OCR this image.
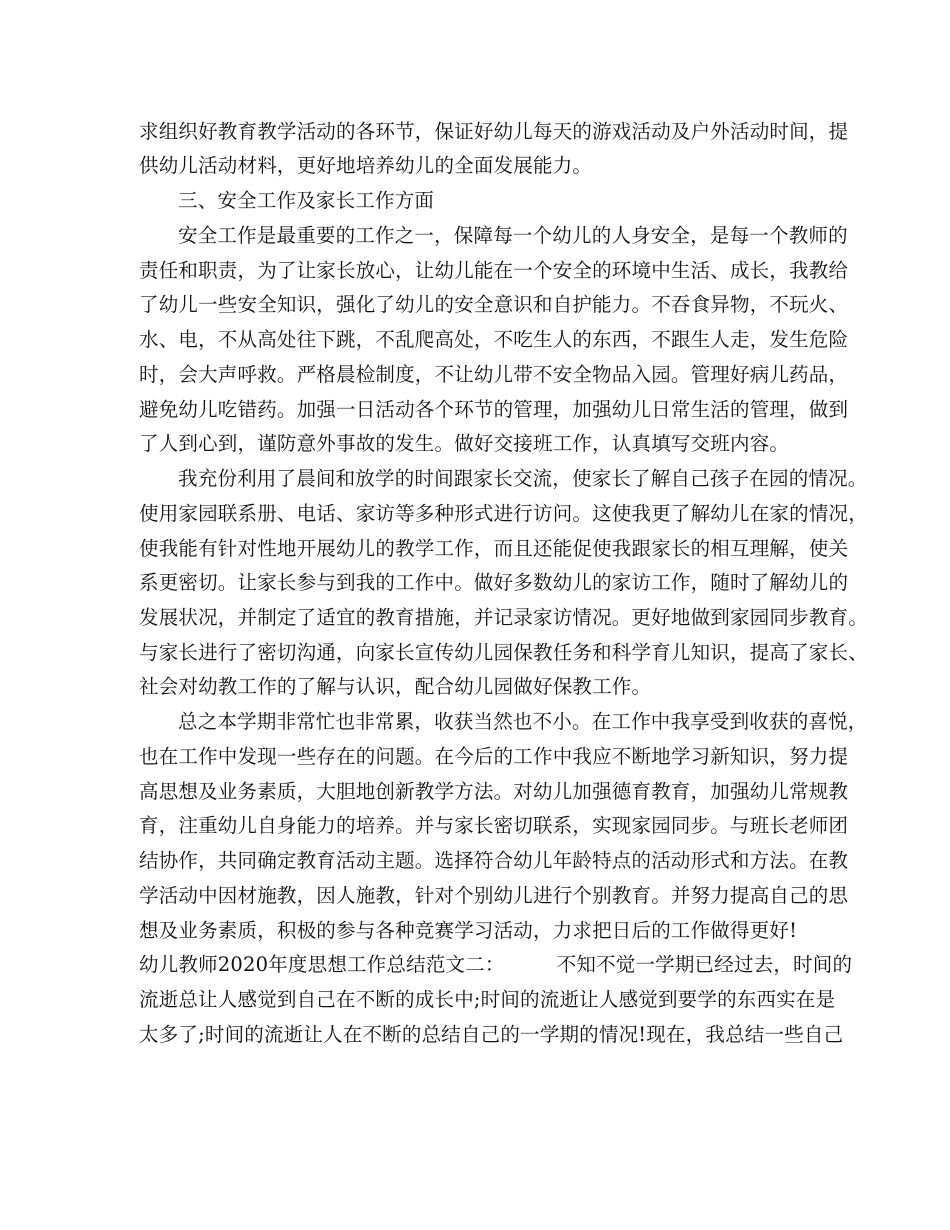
求组织好教育教学活动的各环节，保证好幼儿每天的游戏活动及户外活动时间，提
供幼儿活动材料，更好地培养幼儿的全面发展能力。
三、安全工作及家长工作方面
安全工作是最重要的工作之一，保障每一个幼儿的人身安全，是每一个教师的
责任和职责，为了让家长放心，让幼儿能在一个安全的环境中生活、成长，我教给
了幼儿一些安全知识，强化了幼儿的安全意识和自护能力。不吞食异物，不玩火、
水、电，不从高处往下跳，不乱爬高处，不吃生人的东西，不跟生人走，发生危险
时，会大声呼救。严格晨检制度，不让幼儿带不安全物品入园。管理好病儿药品，
避免幼儿吃错药。加强一日活动各个环节的管理，加强幼儿日常生活的管理，做到
了人到心到，谨防意外事故的发生。做好交接班工作，认真填写交班内容。
我充份利用了晨间和放学的时间跟家长交流，使家长了解自己孩子在园的情况。
使用家园联系册、电话、家访等多种形式进行访问。这使我更了解幼儿在家的情况，
使我能有针对性地开展幼儿的教学工作，而且还能促使我跟家长的相互理解，使关
系更密切。让家长参与到我的工作中。做好多数幼儿的家访工作，随时了解幼儿的
发展状况，并制定了适宜的教育措施，并记录家访情况。更好地做到家园同步教育。
与家长进行了密切沟通，向家长宣传幼儿园保教任务和科学育儿知识，提高了家长、
社会对幼教工作的了解与认识，配合幼儿园做好保教工作。
总之本学期非常忙也非常累，收获当然也不小。在工作中我享受到收获的喜悦，
也在工作中发现一些存在的问题。在今后的工作中我应不断地学习新知识，努力提
高思想及业务素质，大胆地创新教学方法。对幼儿加强德育教育，加强幼儿常规教
育，注重幼儿自身能力的培养。并与家长密切联系，实现家园同步。与班长老师团
结协作，共同确定教育活动主题。选择符合幼儿年龄特点的活动形式和方法。在教
学活动中因材施教，因人施教，针对个别幼儿进行个别教育。并努力提高自己的思
想及业务素质，积极的参与各种竞赛学习活动，力求把日后的工作做得更好!
幼儿教师2020年度思想工作总结范文二：	不知不觉一学期已经过去，时间的
流逝总让人感觉到自己在不断的成长中;时间的流逝让人感觉到要学的东西实在是
太多了;时间的流逝让人在不断的总结自己的一学期的情况!现在，我总结一些自己
